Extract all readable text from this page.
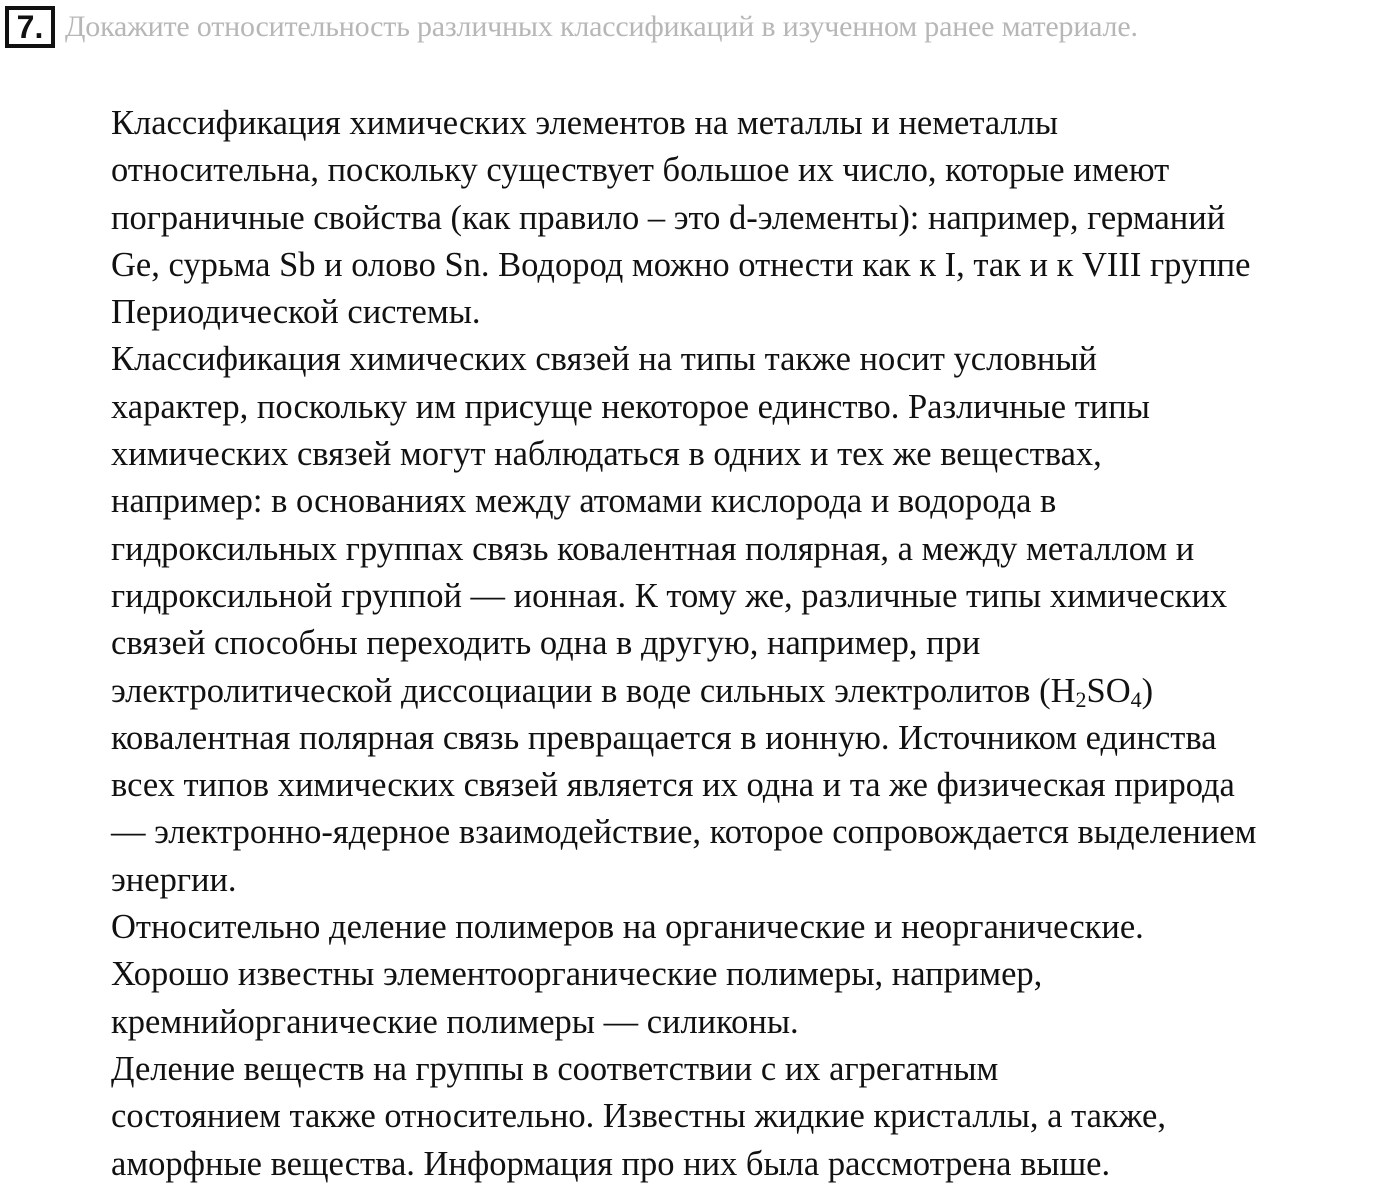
7. Докажите относительность различных классификаций в изученном ранее материале.

Классификация химических элементов на металлы и неметаллы
относительна, поскольку существует большое их число, которые имеют
пограничные свойства (как правило – это d-элементы): например, германий
Ge, сурьма Sb и олово Sn. Водород можно отнести как к I, так и к VIII группе
Периодической системы.

Классификация химических связей на типы также носит условный
характер, поскольку им присуще некоторое единство. Различные типы
химических связей могут наблюдаться в одних и тех же веществах,
например: в основаниях между атомами кислорода и водорода в
гидроксильных группах связь ковалентная полярная, а между металлом и
гидроксильной группой — ионная. К тому же, различные типы химических
связей способны переходить одна в другую, например, при
электролитической диссоциации в воде сильных электролитов $(H_2SO_4)$
ковалентная полярная связь превращается в ионную. Источником единства
всех типов химических связей является их одна и та же физическая природа
— электронно-ядерное взаимодействие, которое сопровождается выделением
энергии.

Относительно деление полимеров на органические и неорганические.
Хорошо известны элементоорганические полимеры, например,
кремнийорганические полимеры — силиконы.

Деление веществ на группы в соответствии с их агрегатным
состоянием также относительно. Известны жидкие кристаллы, а также,
аморфные вещества. Информация про них была рассмотрена выше.
